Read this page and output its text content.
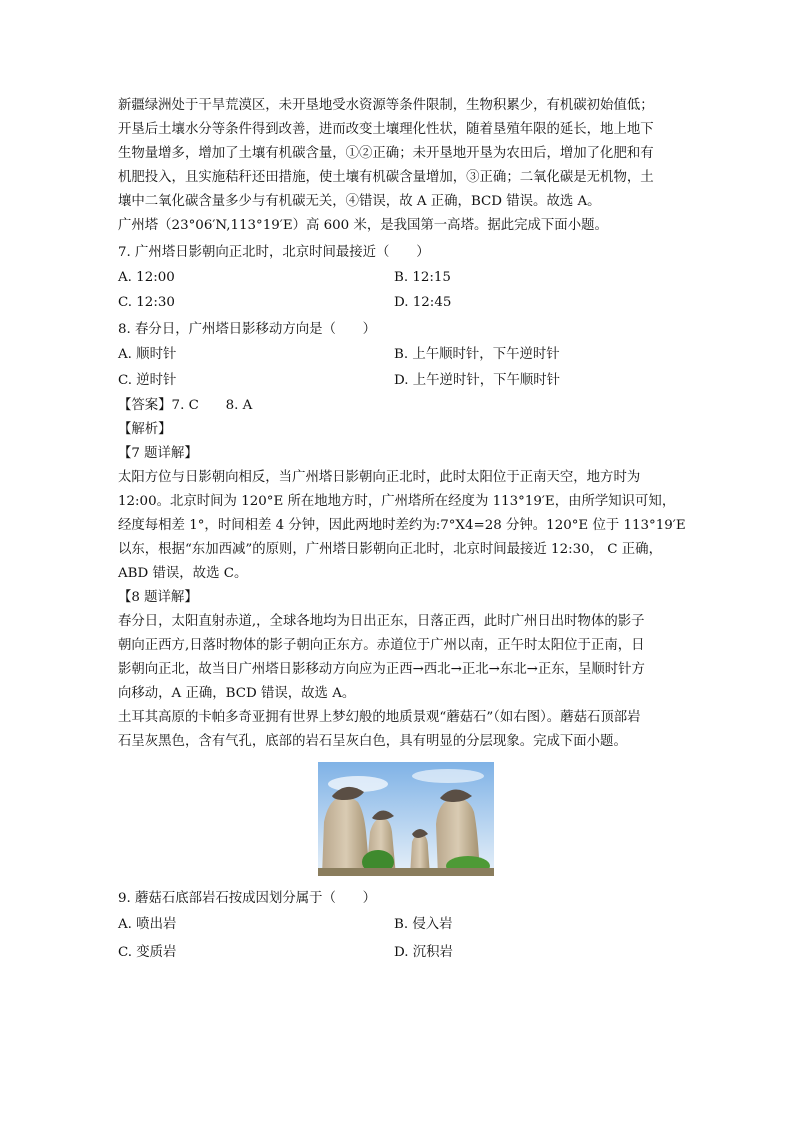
新疆绿洲处于干旱荒漠区，未开垦地受水资源等条件限制，生物积累少，有机碳初始值低；

开垦后土壤水分等条件得到改善，进而改变土壤理化性状，随着垦殖年限的延长，地上地下

生物量增多，增加了土壤有机碳含量，①②正确；未开垦地开垦为农田后，增加了化肥和有

机肥投入，且实施秸秆还田措施，使土壤有机碳含量增加，③正确；二氧化碳是无机物，土

壤中二氧化碳含量多少与有机碳无关，④错误，故 A 正确，BCD 错误。故选 A。

广州塔（23°06′N,113°19′E）高 600 米，是我国第一高塔。据此完成下面小题。

7. 广州塔日影朝向正北时，北京时间最接近（　　）

A. 12:00	B. 12:15
C. 12:30	D. 12:45

8. 春分日，广州塔日影移动方向是（　　）

A. 顺时针	B. 上午顺时针，下午逆时针
C. 逆时针	D. 上午逆时针，下午顺时针

【答案】7. C　　8. A

【解析】

【7 题详解】

太阳方位与日影朝向相反，当广州塔日影朝向正北时，此时太阳位于正南天空，地方时为

12:00。北京时间为 120°E 所在地地方时，广州塔所在经度为 113°19′E，由所学知识可知，

经度每相差 1°，时间相差 4 分钟，因此两地时差约为:7°X4=28 分钟。120°E 位于 113°19′E

以东，根据“东加西减”的原则，广州塔日影朝向正北时，北京时间最接近 12:30， C 正确，

ABD 错误，故选 C。

【8 题详解】

春分日，太阳直射赤道,，全球各地均为日出正东，日落正西，此时广州日出时物体的影子

朝向正西方,日落时物体的影子朝向正东方。赤道位于广州以南，正午时太阳位于正南，日

影朝向正北，故当日广州塔日影移动方向应为正西→西北→正北→东北→正东，呈顺时针方

向移动，A 正确，BCD 错误，故选 A。

土耳其高原的卡帕多奇亚拥有世界上梦幻般的地质景观“蘑菇石”（如右图）。蘑菇石顶部岩

石呈灰黑色，含有气孔，底部的岩石呈灰白色，具有明显的分层现象。完成下面小题。

9. 蘑菇石底部岩石按成因划分属于（　　）

A. 喷出岩	B. 侵入岩
C. 变质岩	D. 沉积岩
